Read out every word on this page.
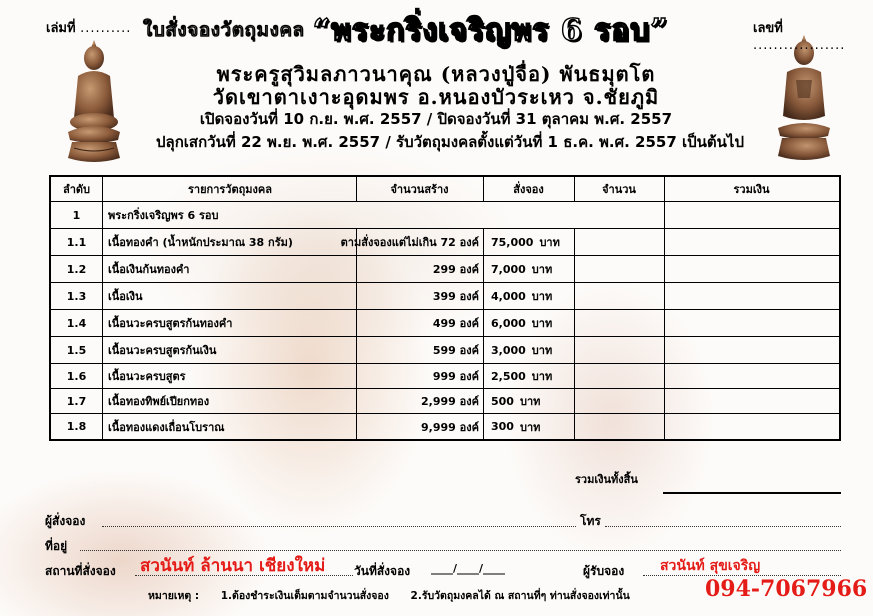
เล่มที่ ..........	เลขที่ ..................
ใบสั่งจองวัตถุมงคล “พระกริ่งเจริญพร 6 รอบ”
พระครูสุวิมลภาวนาคุณ (หลวงปู่จื่อ) พันธมุตโต
วัดเขาตาเงาะอุดมพร อ.หนองบัวระเหว จ.ชัยภูมิ
เปิดจองวันที่ 10 ก.ย. พ.ศ. 2557 / ปิดจองวันที่ 31 ตุลาคม พ.ศ. 2557
ปลุกเสกวันที่ 22 พ.ย. พ.ศ. 2557 / รับวัตถุมงคลตั้งแต่วันที่ 1 ธ.ค. พ.ศ. 2557 เป็นต้นไป
ลำดับ	รายการวัตถุมงคล	จำนวนสร้าง	สั่งจอง	จำนวน	รวมเงิน
1	พระกริ่งเจริญพร 6 รอบ
1.1	เนื้อทองคำ (น้ำหนักประมาณ 38 กรัม)	ตามสั่งจองแต่ไม่เกิน 72 องค์	75,000 บาท
1.2	เนื้อเงินก้นทองคำ	299 องค์	7,000 บาท
1.3	เนื้อเงิน	399 องค์	4,000 บาท
1.4	เนื้อนวะครบสูตรก้นทองคำ	499 องค์	6,000 บาท
1.5	เนื้อนวะครบสูตรก้นเงิน	599 องค์	3,000 บาท
1.6	เนื้อนวะครบสูตร	999 องค์	2,500 บาท
1.7	เนื้อทองทิพย์เปียกทอง	2,999 องค์	500 บาท
1.8	เนื้อทองแดงเถื่อนโบราณ	9,999 องค์	300 บาท
รวมเงินทั้งสิ้น
ผู้สั่งจอง	โทร
ที่อยู่
สถานที่สั่งจอง สวนันท์ ล้านนา เชียงใหม่ วันที่สั่งจอง ____/____/____	ผู้รับจอง	สวนันท์ สุขเจริญ
หมายเหตุ : 1.ต้องชำระเงินเต็มตามจำนวนสั่งจอง 2.รับวัตถุมงคลได้ ณ สถานที่ๆ ท่านสั่งจองเท่านั้น	094-7067966
